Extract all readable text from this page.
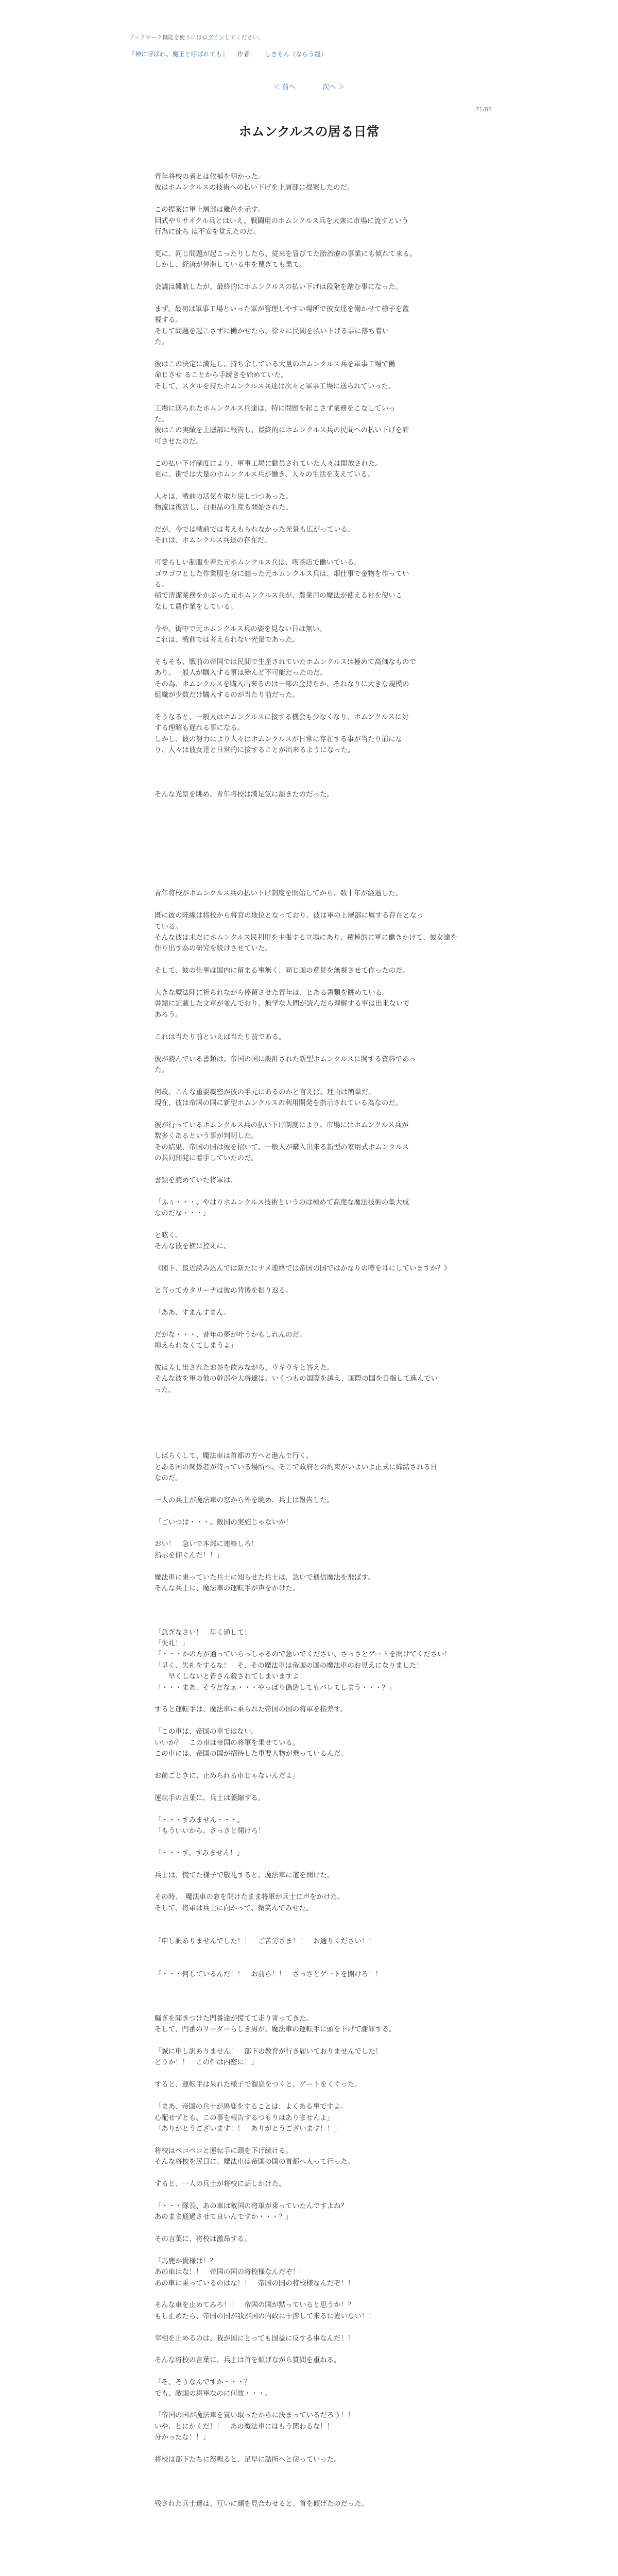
ブックマーク機能を使うにはログインしてください。
『神に呼ばれ、魔王と呼ばれても』 作者： しきもん（ならう龍）
＜ 前へ	次へ ＞
71/88
ホムンクルスの居る日常

青年将校の者とは候補を明かった。
彼はホムンクルスの技術への払い下げを上層部に提案したのだ。

この提案に軍上層部は難色を示す。
回式やリサイクル兵とはいえ、戦闘用のホムンクルス兵を大衆に市場に流すという
行為に徒ら は不安を覚えたのだ。

更に、同じ問題が起こったりしたら、従来を冒びてた胎治療の事業にも傾れて来る。
しかし、経済が停滞している中を蔑ぎても果て。

会議は難航したが、最終的にホムンクルスの払い下げは段階を踏む事になった。

まず、最初は軍事工場といった軍が管理しやすい場所で彼女達を働かせて様子を監
視する。
そして問題を起こさずに働かせたら、徐々に民間を払い下げる事に落ち着い
た。

彼はこの決定に満足し、持ち余している大量のホムンクルス兵を軍事工場で働
命じさせ ることから手続きを始めていた。
そして、スタルを持たホムンクルス兵達は次々と軍事工場に送られていった。

工場に送られたホムンクルス兵達は、特に問題を起こさず業務をこなしていっ
た。
彼はこの実績を上層部に報告し、最終的にホムンクルス兵の民間への払い下げを許
可させたのだ。

この払い下げ制度により、軍事工場に動員されていた人々は開放された。
更に、街では大量のホムンクルス兵が働き、人々の生活を支えている。

人々は、戦前の活気を取り戻しつつあった。
物流は復活し、白亜品の生産も開始された。

だが、今では戦前では考えもられなかった光景も広がっている。
それは、ホムンクルス兵達の存在だ。

可愛らしい制服を着た元ホムンクルス兵は、喫茶店で働いている。
ゴワゴワとした作業服を身に纏った元ホムンクルス兵は、畑仕事で金物を作ってい
る。
掃で清潔業務をかぶった元ホムンクルス兵が、農業用の魔法が使える社を使いこ
なして農作業をしている。

今や、街中で元ホムンクルス兵の姿を見ない日は無い。
これは、戦前では考えられない光景であった。

そもそも、戦前の帝国では民間で生産されていたホムンクルスは極めて高価なもので
あり、一般人が購入する事は殆んど不可能だったのだ。
その為、ホムンクルスを購入出来るのは一部の金持ちか、それなりに大きな規模の
組織が少数だけ購入するのが当たり前だった。

そうなると、一般人はホムンクルスに接する機会も少なくなり、ホムンクルスに対
する理解も遅れる事になる。
しかし、彼の努力により人々はホムンクルスが日常に存在する事が当たり前にな
り、人々は彼女達と日常的に接することが出来るようになった。

そんな光景を眺め、青年将校は満足気に頷きたのだった。

青年将校がホムンクルス兵の払い下げ制度を開始してから、数十年が経過した。

既に彼の陸線は将校から将官の地位となっており、彼は軍の上層部に属する存在となっ
ている。
そんな彼は未だにホムンクルス民利用を主張する立場にあり、積極的に軍に働きかけて、彼女達を
作り出す為の研究を続けさせていた。

そして、彼の仕事は国内に留まる事無く、同じ国の意見を無視させて作ったのだ。

大きな魔法陣に祈られながら停留させた青年は、とある書類を眺めている。
書類に記載した文章が並んでおり、無学な人間が読んだら理解する事は出来ないで
あろう。

これは当たり前といえば当たり前である。

彼が読んでいる書類は、帝国の国に設計された新型ホムンクルスに関する資料であっ
た。

何故、こんな重要機密が彼の手元にあるのかと言えば、理由は簡単だ。
現在、彼は帝国の国に新型ホムンクルスの利用開発を指示されている為なのだ。

彼が行っているホムンクルス兵の払い下げ制度により、市場にはホムンクルス兵が
数多くあるという事が判明した。
その結果、帝国の国は彼を招いて、一般人が購入出来る新型の家用式ホムンクルス
の共同開発に着手していたのだ。

書類を読めていた将軍は、

「ふぅ・・・、やはりホムンクルス技術というのは極めて高度な魔法技術の集大成
なのだな・・・」

と呟く。
そんな彼を横に控えに、

《閣下、最近読み込んでは新たにナメ連絡では帝国の国ではかなりの噂を耳にしていますか？》

と言ってカタリーナは彼の背後を振り返る。

「ああ、すまんすまん。

だがな・・・、昔年の夢が叶うかもしれんのだ。
抑えられなくてしまうよ」

彼は差し出されたお茶を飲みながら、ウキウキと答えた。
そんな彼を軍の他の幹部や大将達は、いくつもの国際を越え、国際の国を目指して進んでい
った。

しばらくして、魔法車は首都の方へと進んで行く。
とある国の関係者が待っている場所へ、そこで政府との約束がいよいよ正式に締結される日
なのだ。

一人の兵士が魔法車の窓から外を眺め、兵士は報告した。

「ごいつは・・・、敵国の実施じゃないか！

おい！　急いで本部に連絡しろ！
指示を仰ぐんだ！！」

魔法車に乗っていた兵士に知らせた兵士は、急いで通信魔法を飛ばす。
そんな兵士に、魔法車の運転手が声をかけた。

「急ぎなさい！　早く通して！
「失礼！」
「・・・かの方が通っていらっしゃるので急いでください、さっさとゲートを開けてください！
「早く、失礼をするな！　そ、その魔法車は帝国の国の魔法車のお見えになりました！
　　早くしないと皆さん殺されてしまいますよ！
「・・・まあ、そうだなぁ・・・やっぱり偽造してもバレてしまう・・・？」

すると運転手は、魔法車に乗られた帝国の国の将軍を指差す。

「この車は、帝国の車ではない。
いいか？　この車は帝国の将軍を乗せている。
この車には、帝国の国が招待した重要人物が乗っているんだ。

お前ごときに、止められる車じゃないんだよ」

運転手の言葉に、兵士は萎縮する。

「・・・すみません・・・。
「もういいから、さっさと開けろ！

「・・・す、すみません！」

兵士は、慌てた様子で敬礼すると、魔法車に道を開けた。

その時、　魔法車の窓を開けたまま将軍が兵士に声をかけた。
そして、将軍は兵士に向かって、微笑んでみせた。

「申し訳ありませんでした！！　ご苦労さま！！　お通りください！！

「・・・何しているんだ！！　お前ら！！　さっさとゲートを開けろ！！

騒ぎを聞きつけた門番達が慌てて走り寄ってきた。
そして、門番のリーダーらしき男が、魔法車の運転手に頭を下げて謝罪する。

「誠に申し訳ありません！　部下の教育が行き届いておりませんでした！
どうか！！　この件は内密に！」

すると、運転手は呆れた様子で溜息をつくと、ゲートをくぐった。

「まあ、帝国の兵士が馬鹿をすることは、よくある事ですよ。
心配せずとも、この事を報告するつもりはありませんよ」
「ありがとうございます！！　ありがとうございます！！」

将校はペコペコと運転手に頭を下げ続ける。
そんな将校を尻目に、魔法車は帝国の国の首都へ入って行った。

すると、一人の兵士が将校に話しかけた。

「・・・隊長、あの車は敵国の将軍が乗っていたんですよね？
あのまま通過させて良いんですか・・・？」

その言葉に、将校は激昂する。

「馬鹿か貴様は！？
あの車はな！！　帝国の国の将校様なんだぞ！！
あの車に乗っているのはな！！　帝国の国の将校様なんだぞ！！

そんな車を止めてみろ！！　帝国の国が黙っていると思うか！？
もし止めたら、帝国の国が我が国の内政に干渉して来るに違いない！！

宰相を止めるのは、我が国にとっても国益に反する事なんだ！！

そんな将校の言葉に、兵士は首を傾げながら質問を重ねる。

「そ、そうなんですか・・・？
でも、敵国の将軍なのに何故・・・。

「帝国の国が魔法車を買い取ったからに決まっているだろう！！
いや、とにかくだ！！　あの魔法車にはもう関わるな！！
分かったな！！」

将校は部下たちに怒鳴ると、足早に詰所へと戻っていった。

残された兵士達は、互いに顔を見合わせると、首を傾げたのだった。
